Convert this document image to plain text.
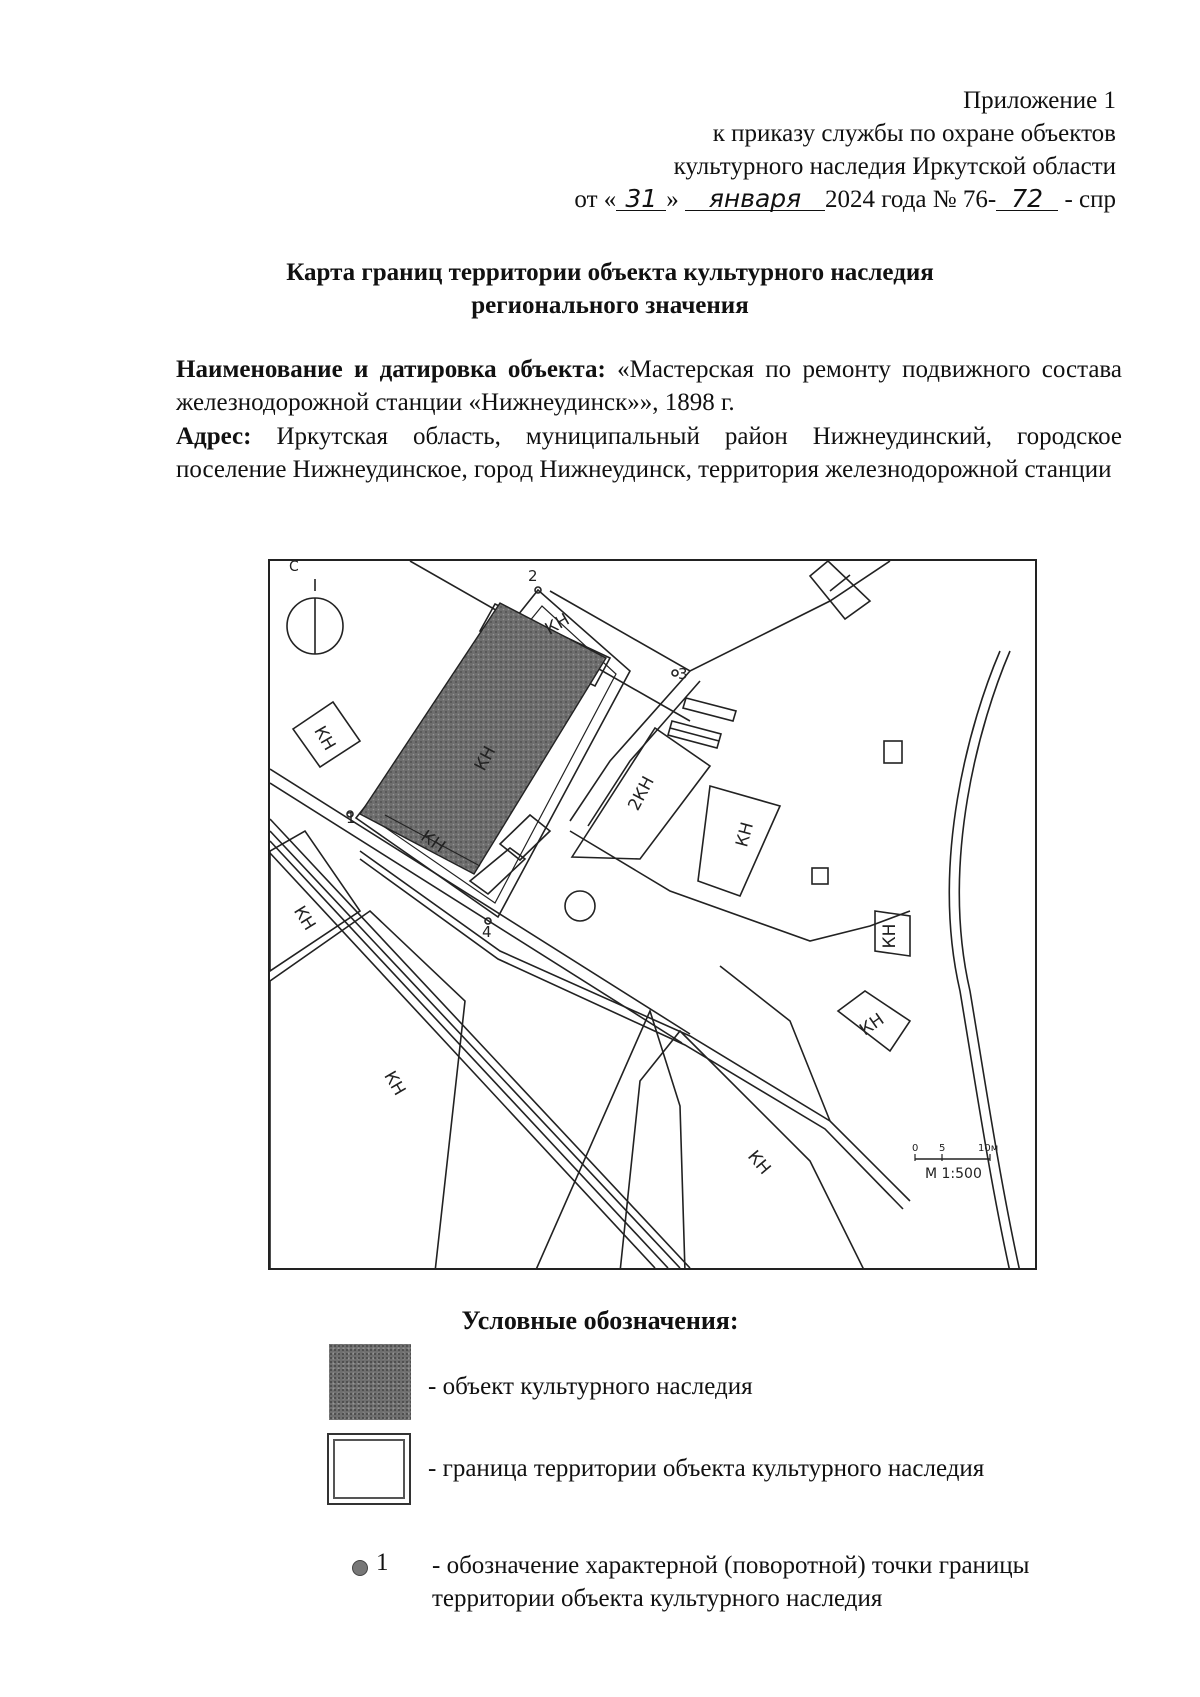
Приложение 1
к приказу службы по охране объектов
культурного наследия Иркутской области
от « 31 » января 2024 года № 76- 72 - спр
Карта границ территории объекта культурного наследия
регионального значения
Наименование и датировка объекта: «Мастерская по ремонту подвижного состава железнодорожной станции «Нижнеудинск»», 1898 г.
Адрес: Иркутская область, муниципальный район Нижнеудинский, городское поселение Нижнеудинское, город Нижнеудинск, территория железнодорожной станции
КН
КН
КН
КН
КН
КН
2КН
КН
КН
КН
КН
2
3
1
4
С
0 5	10м
М 1:500
Условные обозначения:
- объект культурного наследия
- граница территории объекта культурного наследия
1 - обозначение характерной (поворотной) точки границы территории объекта культурного наследия
